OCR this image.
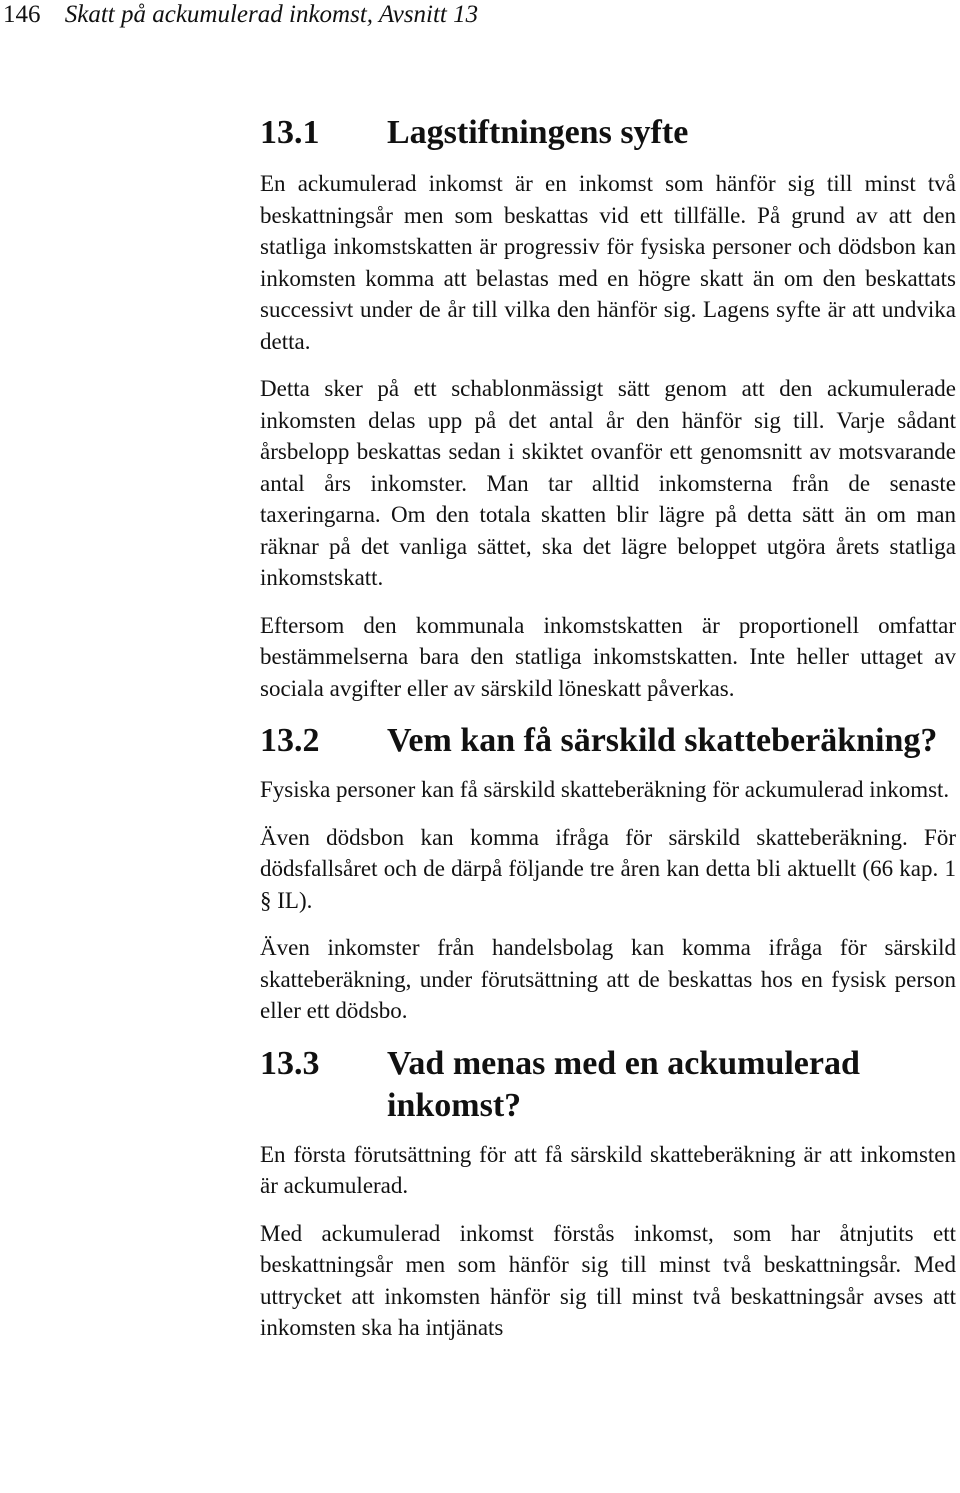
146 Skatt på ackumulerad inkomst, Avsnitt 13
13.1	Lagstiftningens syfte

En ackumulerad inkomst är en inkomst som hänför sig till minst två beskattningsår men som beskattas vid ett tillfälle. På grund av att den statliga inkomstskatten är progressiv för fysiska personer och dödsbon kan inkomsten komma att belastas med en högre skatt än om den beskattats successivt under de år till vilka den hänför sig. Lagens syfte är att undvika detta.

Detta sker på ett schablonmässigt sätt genom att den ackumulerade inkomsten delas upp på det antal år den hänför sig till. Varje sådant årsbelopp beskattas sedan i skiktet ovanför ett genomsnitt av motsvarande antal års inkomster. Man tar alltid inkomsterna från de senaste taxeringarna. Om den totala skatten blir lägre på detta sätt än om man räknar på det vanliga sättet, ska det lägre beloppet utgöra årets statliga inkomstskatt.

Eftersom den kommunala inkomstskatten är proportionell omfattar bestämmelserna bara den statliga inkomstskatten. Inte heller uttaget av sociala avgifter eller av särskild löneskatt påverkas.

13.2	Vem kan få särskild skatteberäkning?

Fysiska personer kan få särskild skatteberäkning för ackumulerad inkomst.

Även dödsbon kan komma ifråga för särskild skatteberäkning. För dödsfallsåret och de därpå följande tre åren kan detta bli aktuellt (66 kap. 1 § IL).

Även inkomster från handelsbolag kan komma ifråga för särskild skatteberäkning, under förutsättning att de beskattas hos en fysisk person eller ett dödsbo.

13.3	Vad menas med en ackumulerad inkomst?

En första förutsättning för att få särskild skatteberäkning är att inkomsten är ackumulerad.

Med ackumulerad inkomst förstås inkomst, som har åtnjutits ett beskattningsår men som hänför sig till minst två beskattningsår. Med uttrycket att inkomsten hänför sig till minst två beskattningsår avses att inkomsten ska ha intjänats
